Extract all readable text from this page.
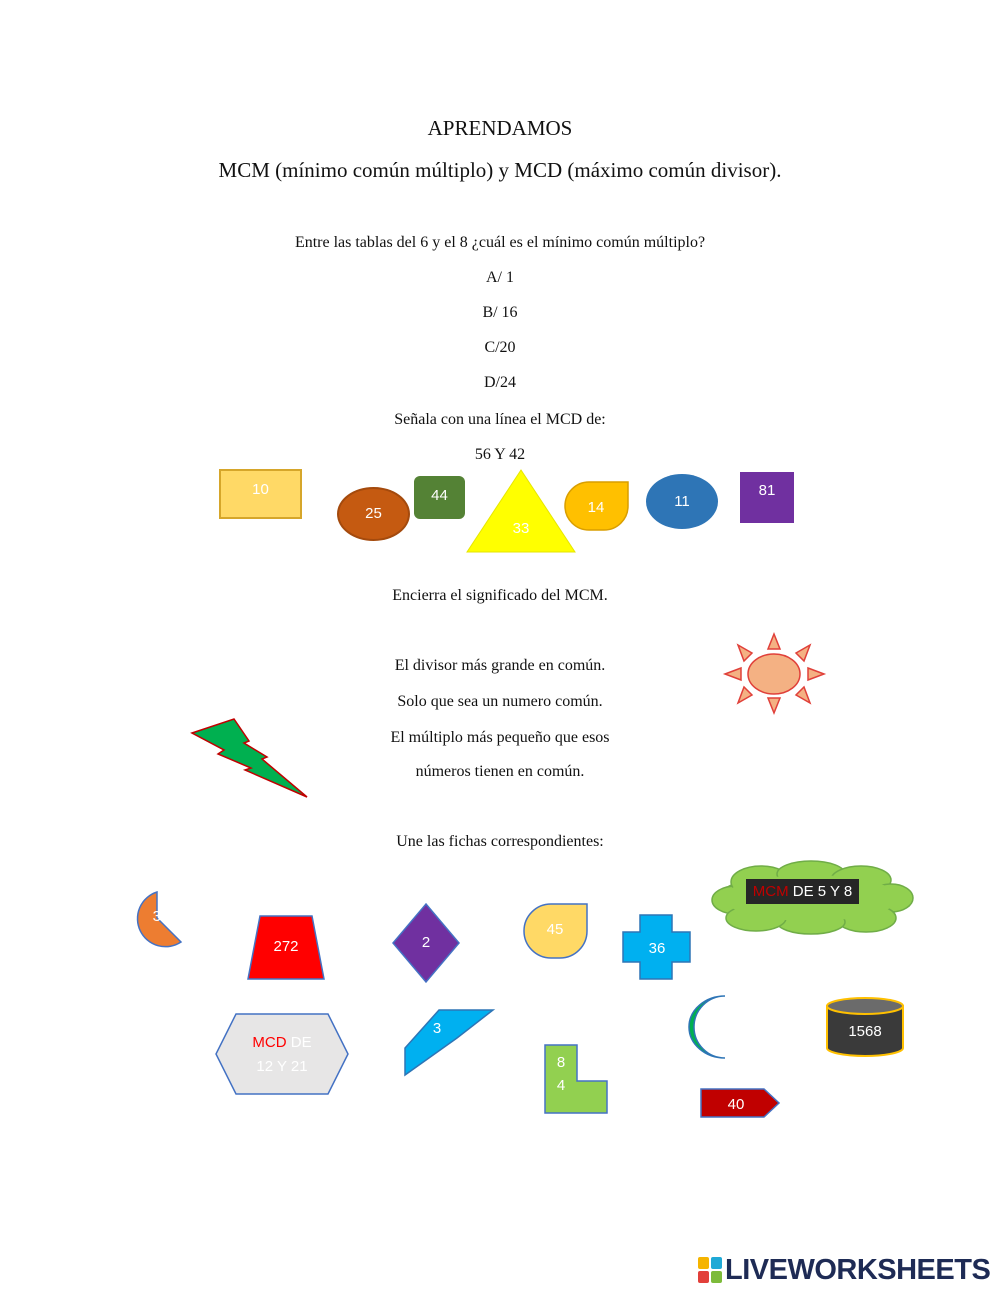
APRENDAMOS
MCM (mínimo común múltiplo) y MCD (máximo común divisor).
Entre las tablas del 6 y el 8 ¿cuál es el mínimo común múltiplo?
A/ 1
B/ 16
C/20
D/24
Señala con una línea el MCD de:
56 Y 42
10
25
44
33
14	11
81
Encierra el significado del MCM.
El divisor más grande en común.
Solo que sea un numero común.
El múltiplo más pequeño que esos
números tienen en común.
Une las fichas correspondientes:
MCM DE 5 Y 8
32
272	2
45
36
MCD DE
12 Y 21
3
8
4
1	1568
40
LIVEWORKSHEETS
